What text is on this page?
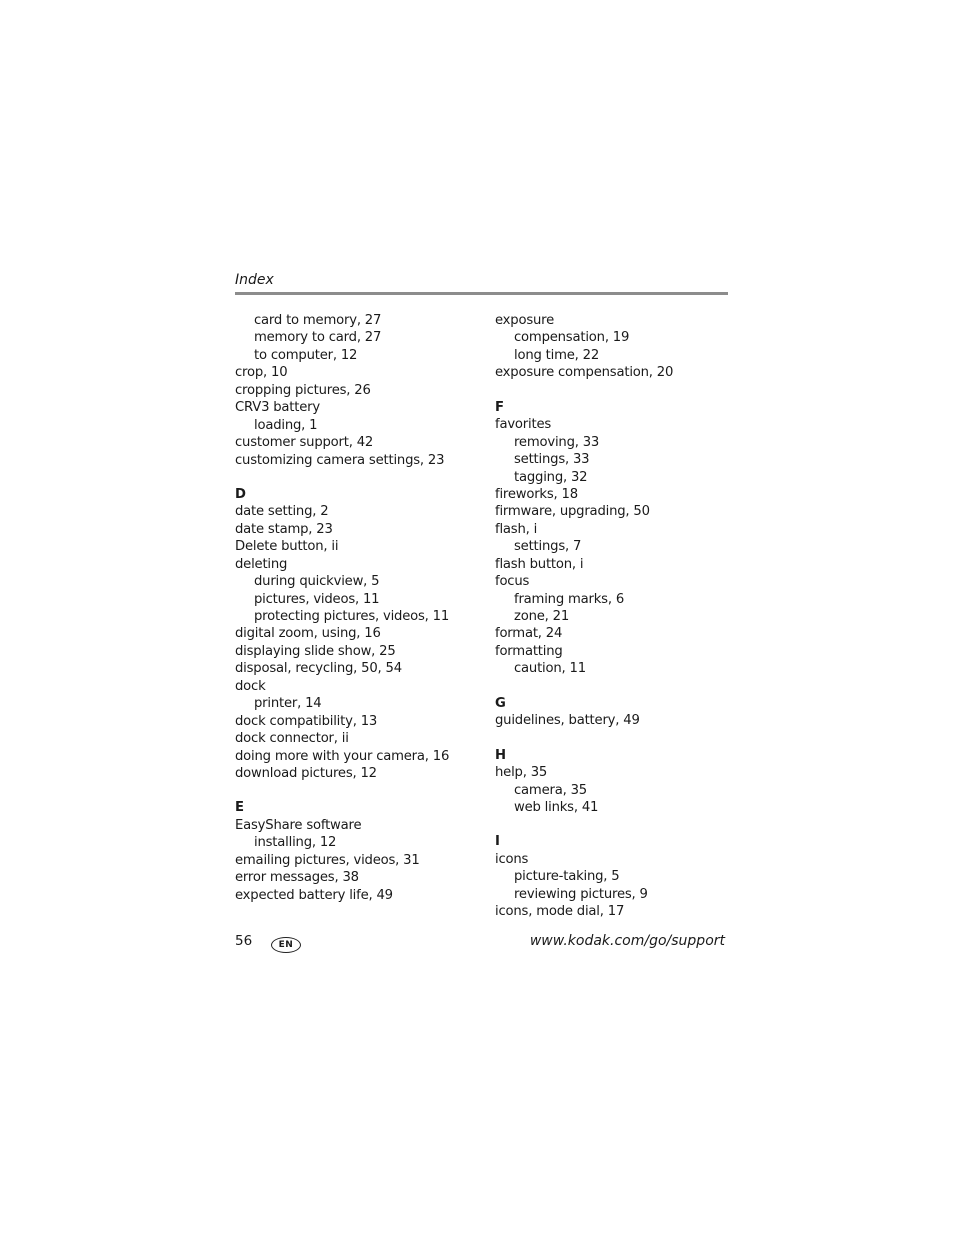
Index
card to memory, 27
memory to card, 27
to computer, 12
crop, 10
cropping pictures, 26
CRV3 battery
loading, 1
customer support, 42
customizing camera settings, 23
D
date setting, 2
date stamp, 23
Delete button, ii
deleting
during quickview, 5
pictures, videos, 11
protecting pictures, videos, 11
digital zoom, using, 16
displaying slide show, 25
disposal, recycling, 50, 54
dock
printer, 14
dock compatibility, 13
dock connector, ii
doing more with your camera, 16
download pictures, 12
E
EasyShare software
installing, 12
emailing pictures, videos, 31
error messages, 38
expected battery life, 49
exposure
compensation, 19
long time, 22
exposure compensation, 20
F
favorites
removing, 33
settings, 33
tagging, 32
fireworks, 18
firmware, upgrading, 50
flash, i
settings, 7
flash button, i
focus
framing marks, 6
zone, 21
format, 24
formatting
caution, 11
G
guidelines, battery, 49
H
help, 35
camera, 35
web links, 41
I
icons
picture-taking, 5
reviewing pictures, 9
icons, mode dial, 17
56	EN	www.kodak.com/go/support
